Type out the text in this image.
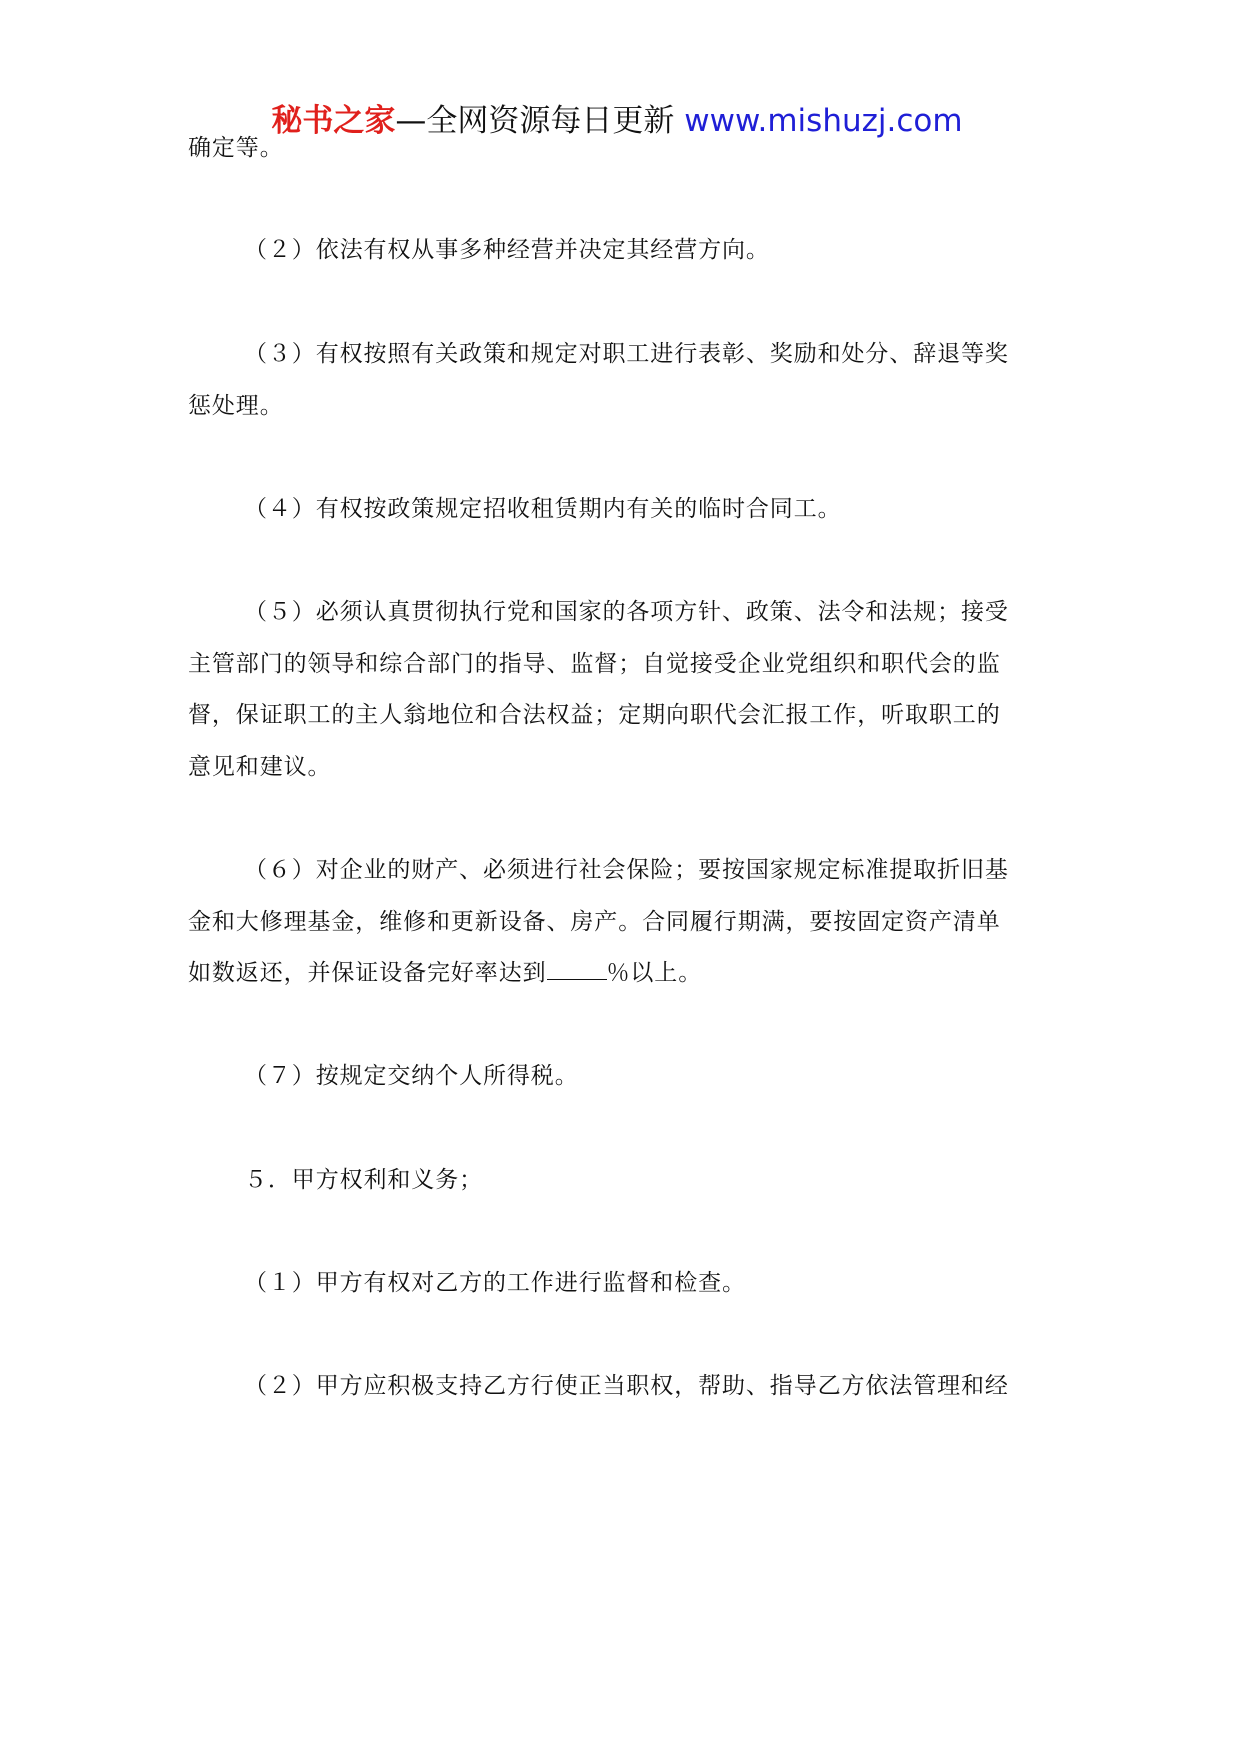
秘书之家—全网资源每日更新 www.mishuzj.com
确定等。
（２）依法有权从事多种经营并决定其经营方向。
（３）有权按照有关政策和规定对职工进行表彰、奖励和处分、辞退等奖
惩处理。
（４）有权按政策规定招收租赁期内有关的临时合同工。
（５）必须认真贯彻执行党和国家的各项方针、政策、法令和法规；接受
主管部门的领导和综合部门的指导、监督；自觉接受企业党组织和职代会的监
督，保证职工的主人翁地位和合法权益；定期向职代会汇报工作，听取职工的
意见和建议。
（６）对企业的财产、必须进行社会保险；要按国家规定标准提取折旧基
金和大修理基金，维修和更新设备、房产。合同履行期满，要按固定资产清单
如数返还，并保证设备完好率达到	％以上。
（７）按规定交纳个人所得税。
５．甲方权利和义务；
（１）甲方有权对乙方的工作进行监督和检查。
（２）甲方应积极支持乙方行使正当职权，帮助、指导乙方依法管理和经
